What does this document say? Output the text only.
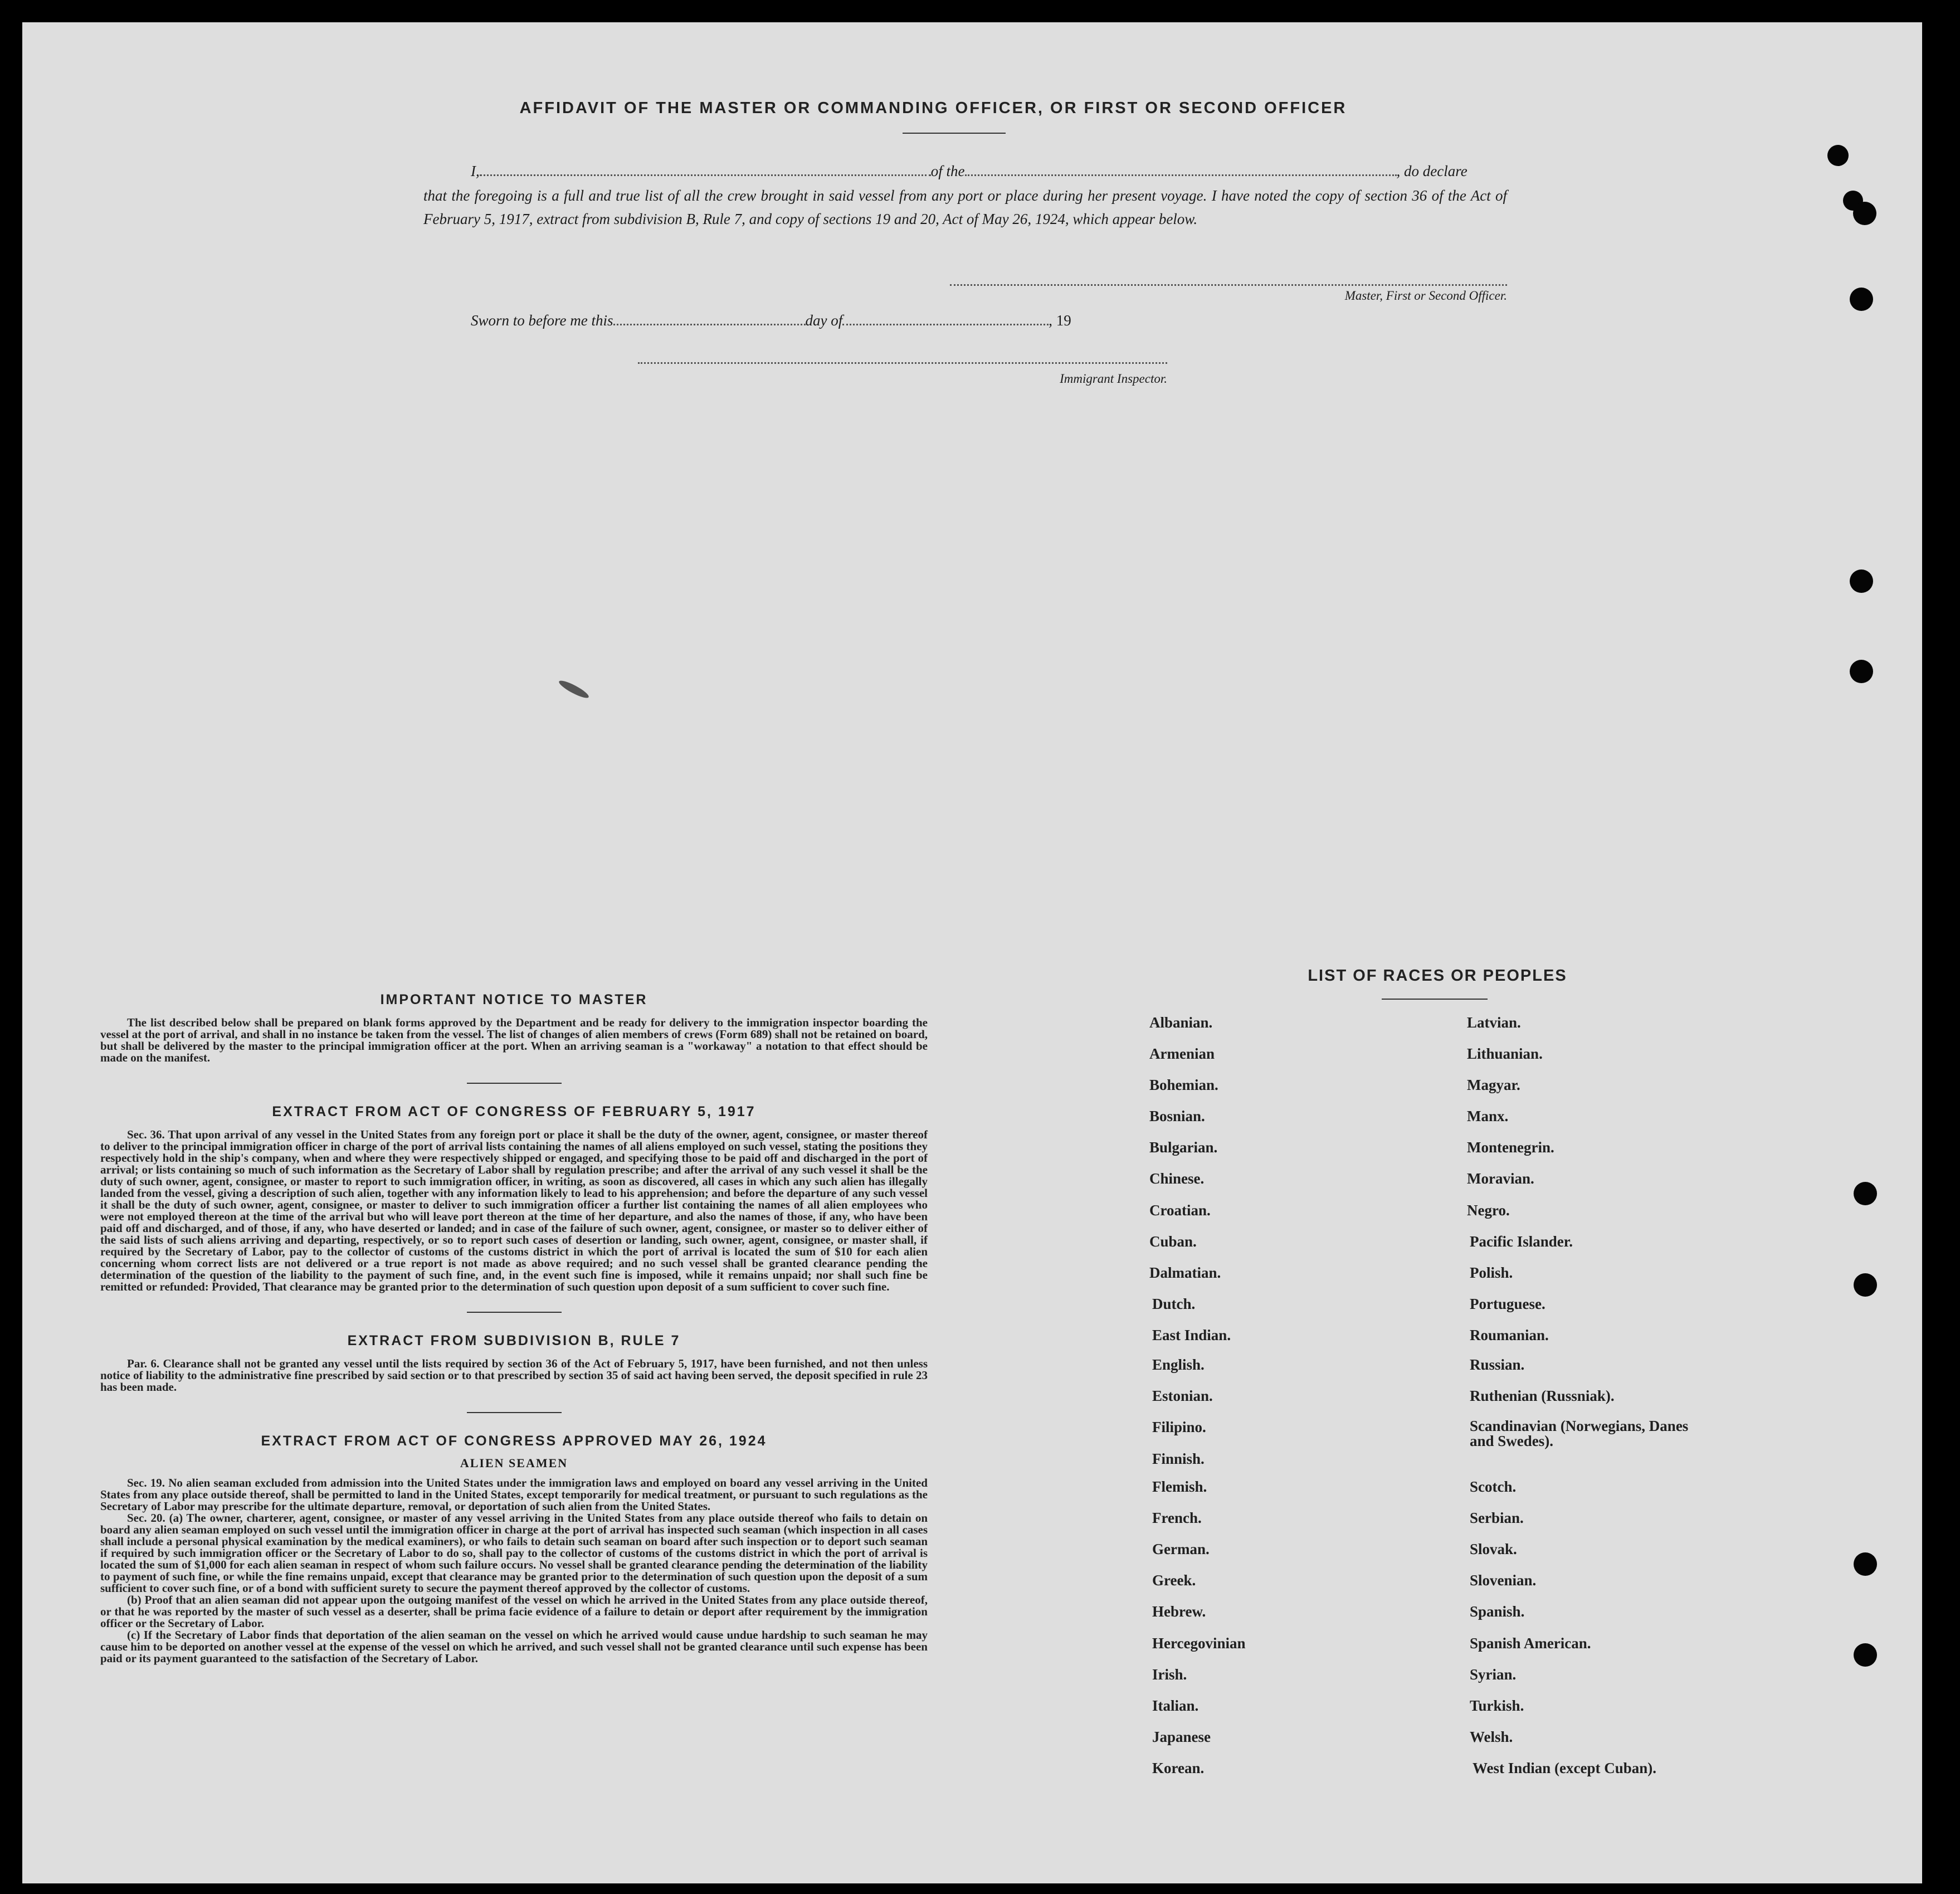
AFFIDAVIT OF THE MASTER OR COMMANDING OFFICER, OR FIRST OR SECOND OFFICER
I,	of the	, do declare

that the foregoing is a full and true list of all the crew brought in said vessel from any port or place during her present voyage. I have noted the copy of section 36 of the Act of February 5, 1917, extract from subdivision B, Rule 7, and copy of sections 19 and 20, Act of May 26, 1924, which appear below.

Master, First or Second Officer.
Sworn to before me this	day of	, 19
Immigrant Inspector.
IMPORTANT NOTICE TO MASTER

The list described below shall be prepared on blank forms approved by the Department and be ready for delivery to the immigration inspector boarding the vessel at the port of arrival, and shall in no instance be taken from the vessel. The list of changes of alien members of crews (Form 689) shall not be retained on board, but shall be delivered by the master to the principal immigration officer at the port. When an arriving seaman is a "workaway" a notation to that effect should be made on the manifest.

EXTRACT FROM ACT OF CONGRESS OF FEBRUARY 5, 1917

Sec. 36. That upon arrival of any vessel in the United States from any foreign port or place it shall be the duty of the owner, agent, consignee, or master thereof to deliver to the principal immigration officer in charge of the port of arrival lists containing the names of all aliens employed on such vessel, stating the positions they respectively hold in the ship's company, when and where they were respectively shipped or engaged, and specifying those to be paid off and discharged in the port of arrival; or lists containing so much of such information as the Secretary of Labor shall by regulation prescribe; and after the arrival of any such vessel it shall be the duty of such owner, agent, consignee, or master to report to such immigration officer, in writing, as soon as discovered, all cases in which any such alien has illegally landed from the vessel, giving a description of such alien, together with any information likely to lead to his apprehension; and before the departure of any such vessel it shall be the duty of such owner, agent, consignee, or master to deliver to such immigration officer a further list containing the names of all alien employees who were not employed thereon at the time of the arrival but who will leave port thereon at the time of her departure, and also the names of those, if any, who have been paid off and discharged, and of those, if any, who have deserted or landed; and in case of the failure of such owner, agent, consignee, or master so to deliver either of the said lists of such aliens arriving and departing, respectively, or so to report such cases of desertion or landing, such owner, agent, consignee, or master shall, if required by the Secretary of Labor, pay to the collector of customs of the customs district in which the port of arrival is located the sum of $10 for each alien concerning whom correct lists are not delivered or a true report is not made as above required; and no such vessel shall be granted clearance pending the determination of the question of the liability to the payment of such fine, and, in the event such fine is imposed, while it remains unpaid; nor shall such fine be remitted or refunded: Provided, That clearance may be granted prior to the determination of such question upon deposit of a sum sufficient to cover such fine.

EXTRACT FROM SUBDIVISION B, RULE 7

Par. 6. Clearance shall not be granted any vessel until the lists required by section 36 of the Act of February 5, 1917, have been furnished, and not then unless notice of liability to the administrative fine prescribed by said section or to that prescribed by section 35 of said act having been served, the deposit specified in rule 23 has been made.

EXTRACT FROM ACT OF CONGRESS APPROVED MAY 26, 1924
ALIEN SEAMEN

Sec. 19. No alien seaman excluded from admission into the United States under the immigration laws and employed on board any vessel arriving in the United States from any place outside thereof, shall be permitted to land in the United States, except temporarily for medical treatment, or pursuant to such regulations as the Secretary of Labor may prescribe for the ultimate departure, removal, or deportation of such alien from the United States.

Sec. 20. (a) The owner, charterer, agent, consignee, or master of any vessel arriving in the United States from any place outside thereof who fails to detain on board any alien seaman employed on such vessel until the immigration officer in charge at the port of arrival has inspected such seaman (which inspection in all cases shall include a personal physical examination by the medical examiners), or who fails to detain such seaman on board after such inspection or to deport such seaman if required by such immigration officer or the Secretary of Labor to do so, shall pay to the collector of customs of the customs district in which the port of arrival is located the sum of $1,000 for each alien seaman in respect of whom such failure occurs. No vessel shall be granted clearance pending the determination of the liability to payment of such fine, or while the fine remains unpaid, except that clearance may be granted prior to the determination of such question upon the deposit of a sum sufficient to cover such fine, or of a bond with sufficient surety to secure the payment thereof approved by the collector of customs.

(b) Proof that an alien seaman did not appear upon the outgoing manifest of the vessel on which he arrived in the United States from any place outside thereof, or that he was reported by the master of such vessel as a deserter, shall be prima facie evidence of a failure to detain or deport after requirement by the immigration officer or the Secretary of Labor.

(c) If the Secretary of Labor finds that deportation of the alien seaman on the vessel on which he arrived would cause undue hardship to such seaman he may cause him to be deported on another vessel at the expense of the vessel on which he arrived, and such vessel shall not be granted clearance until such expense has been paid or its payment guaranteed to the satisfaction of the Secretary of Labor.

LIST OF RACES OR PEOPLES
Albanian.
Armenian
Bohemian.
Bosnian.
Bulgarian.
Chinese.
Croatian.
Cuban.
Dalmatian.
Dutch.
East Indian.
English.
Estonian.
Filipino.
Finnish.
Flemish.
French.
German.
Greek.
Hebrew.
Hercegovinian
Irish.
Italian.
Japanese
Korean.
Latvian.
Lithuanian.
Magyar.
Manx.
Montenegrin.
Moravian.
Negro.
Pacific Islander.
Polish.
Portuguese.
Roumanian.
Russian.
Ruthenian (Russniak).
Scandinavian (Norwegians, Danes and Swedes).
Scotch.
Serbian.
Slovak.
Slovenian.
Spanish.
Spanish American.
Syrian.
Turkish.
Welsh.
West Indian (except Cuban).
